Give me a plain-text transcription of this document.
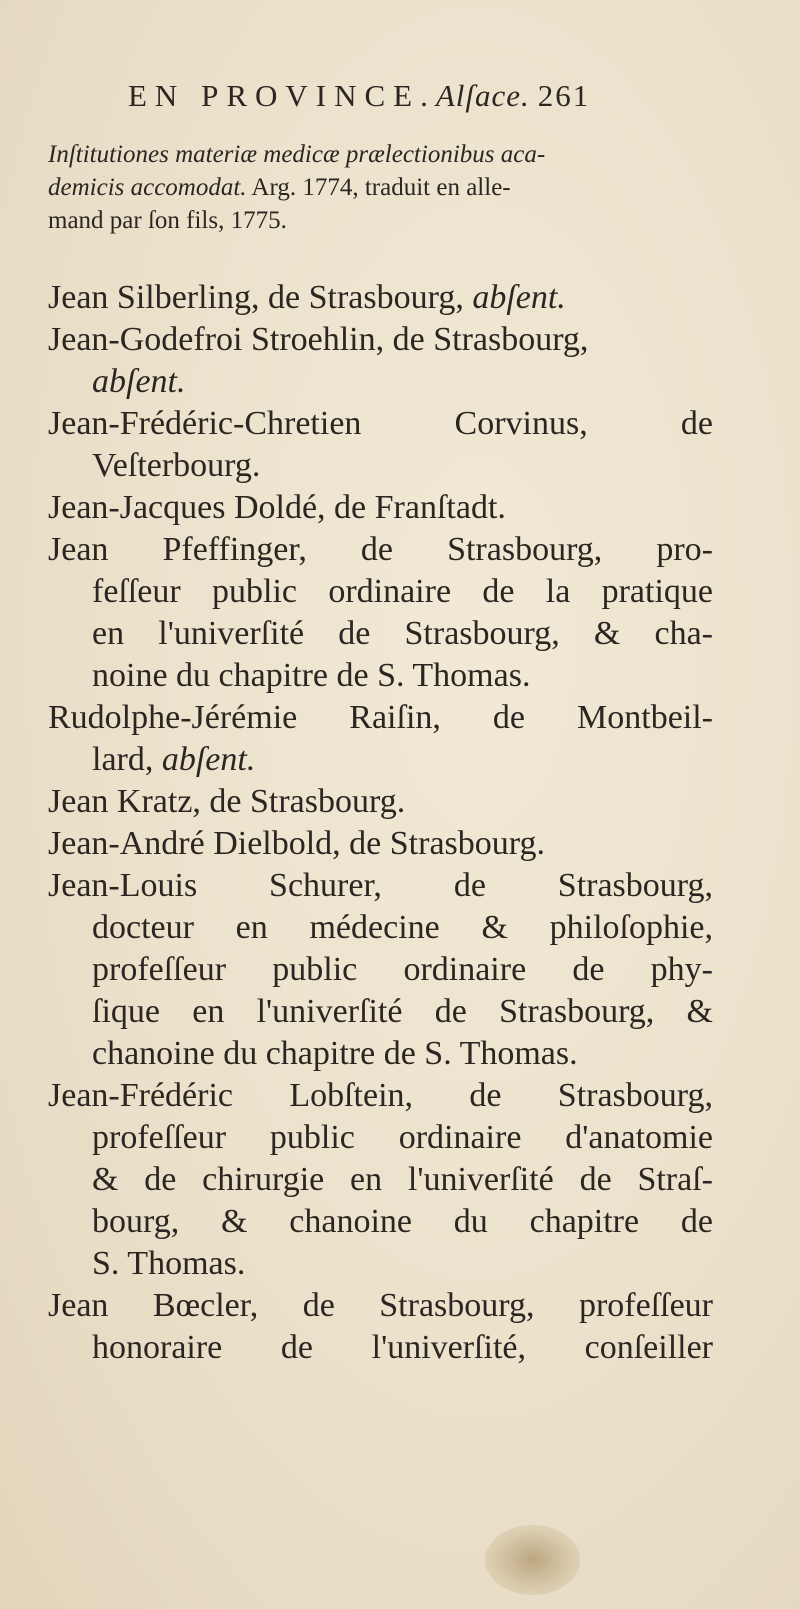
EN PROVINCE.Alſace. 261
Inſtitutiones materiæ medicæ prælectionibus aca-
demicis accomodat. Arg. 1774, traduit en alle-
mand par ſon fils, 1775.
Jean Silberling, de Strasbourg, abſent.
Jean-Godefroi Stroehlin, de Strasbourg,
abſent.
Jean-Frédéric-Chretien Corvinus, de
Veſterbourg.
Jean-Jacques Doldé, de Franſtadt.
Jean Pfeffinger, de Strasbourg, pro-
feſſeur public ordinaire de la pratique
en l'univerſité de Strasbourg, & cha-
noine du chapitre de S. Thomas.
Rudolphe-Jérémie Raiſin, de Montbeil-
lard, abſent.
Jean Kratz, de Strasbourg.
Jean-André Dielbold, de Strasbourg.
Jean-Louis Schurer, de Strasbourg,
docteur en médecine & philoſophie,
profeſſeur public ordinaire de phy-
ſique en l'univerſité de Strasbourg, &
chanoine du chapitre de S. Thomas.
Jean-Frédéric Lobſtein, de Strasbourg,
profeſſeur public ordinaire d'anatomie
& de chirurgie en l'univerſité de Straſ-
bourg, & chanoine du chapitre de
S. Thomas.
Jean Bœcler, de Strasbourg, profeſſeur
honoraire de l'univerſité, conſeiller
